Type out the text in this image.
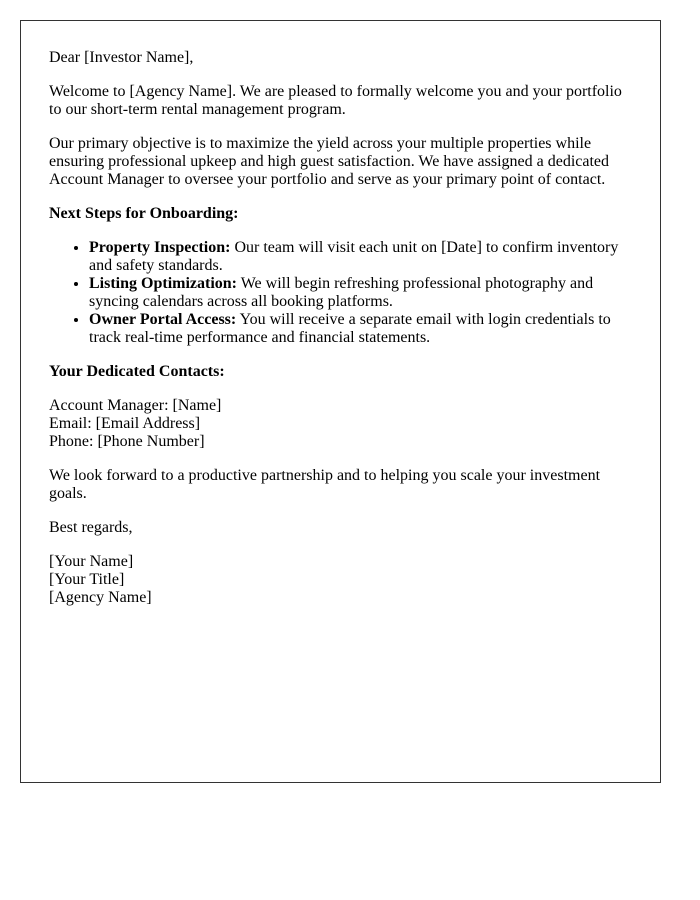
Dear [Investor Name],

Welcome to [Agency Name]. We are pleased to formally welcome you and your portfolio to our short-term rental management program.

Our primary objective is to maximize the yield across your multiple properties while ensuring professional upkeep and high guest satisfaction. We have assigned a dedicated Account Manager to oversee your portfolio and serve as your primary point of contact.

Next Steps for Onboarding:

• Property Inspection: Our team will visit each unit on [Date] to confirm inventory and safety standards.
• Listing Optimization: We will begin refreshing professional photography and syncing calendars across all booking platforms.
• Owner Portal Access: You will receive a separate email with login credentials to track real-time performance and financial statements.

Your Dedicated Contacts:

Account Manager: [Name]
Email: [Email Address]
Phone: [Phone Number]

We look forward to a productive partnership and to helping you scale your investment goals.

Best regards,

[Your Name]
[Your Title]
[Agency Name]
